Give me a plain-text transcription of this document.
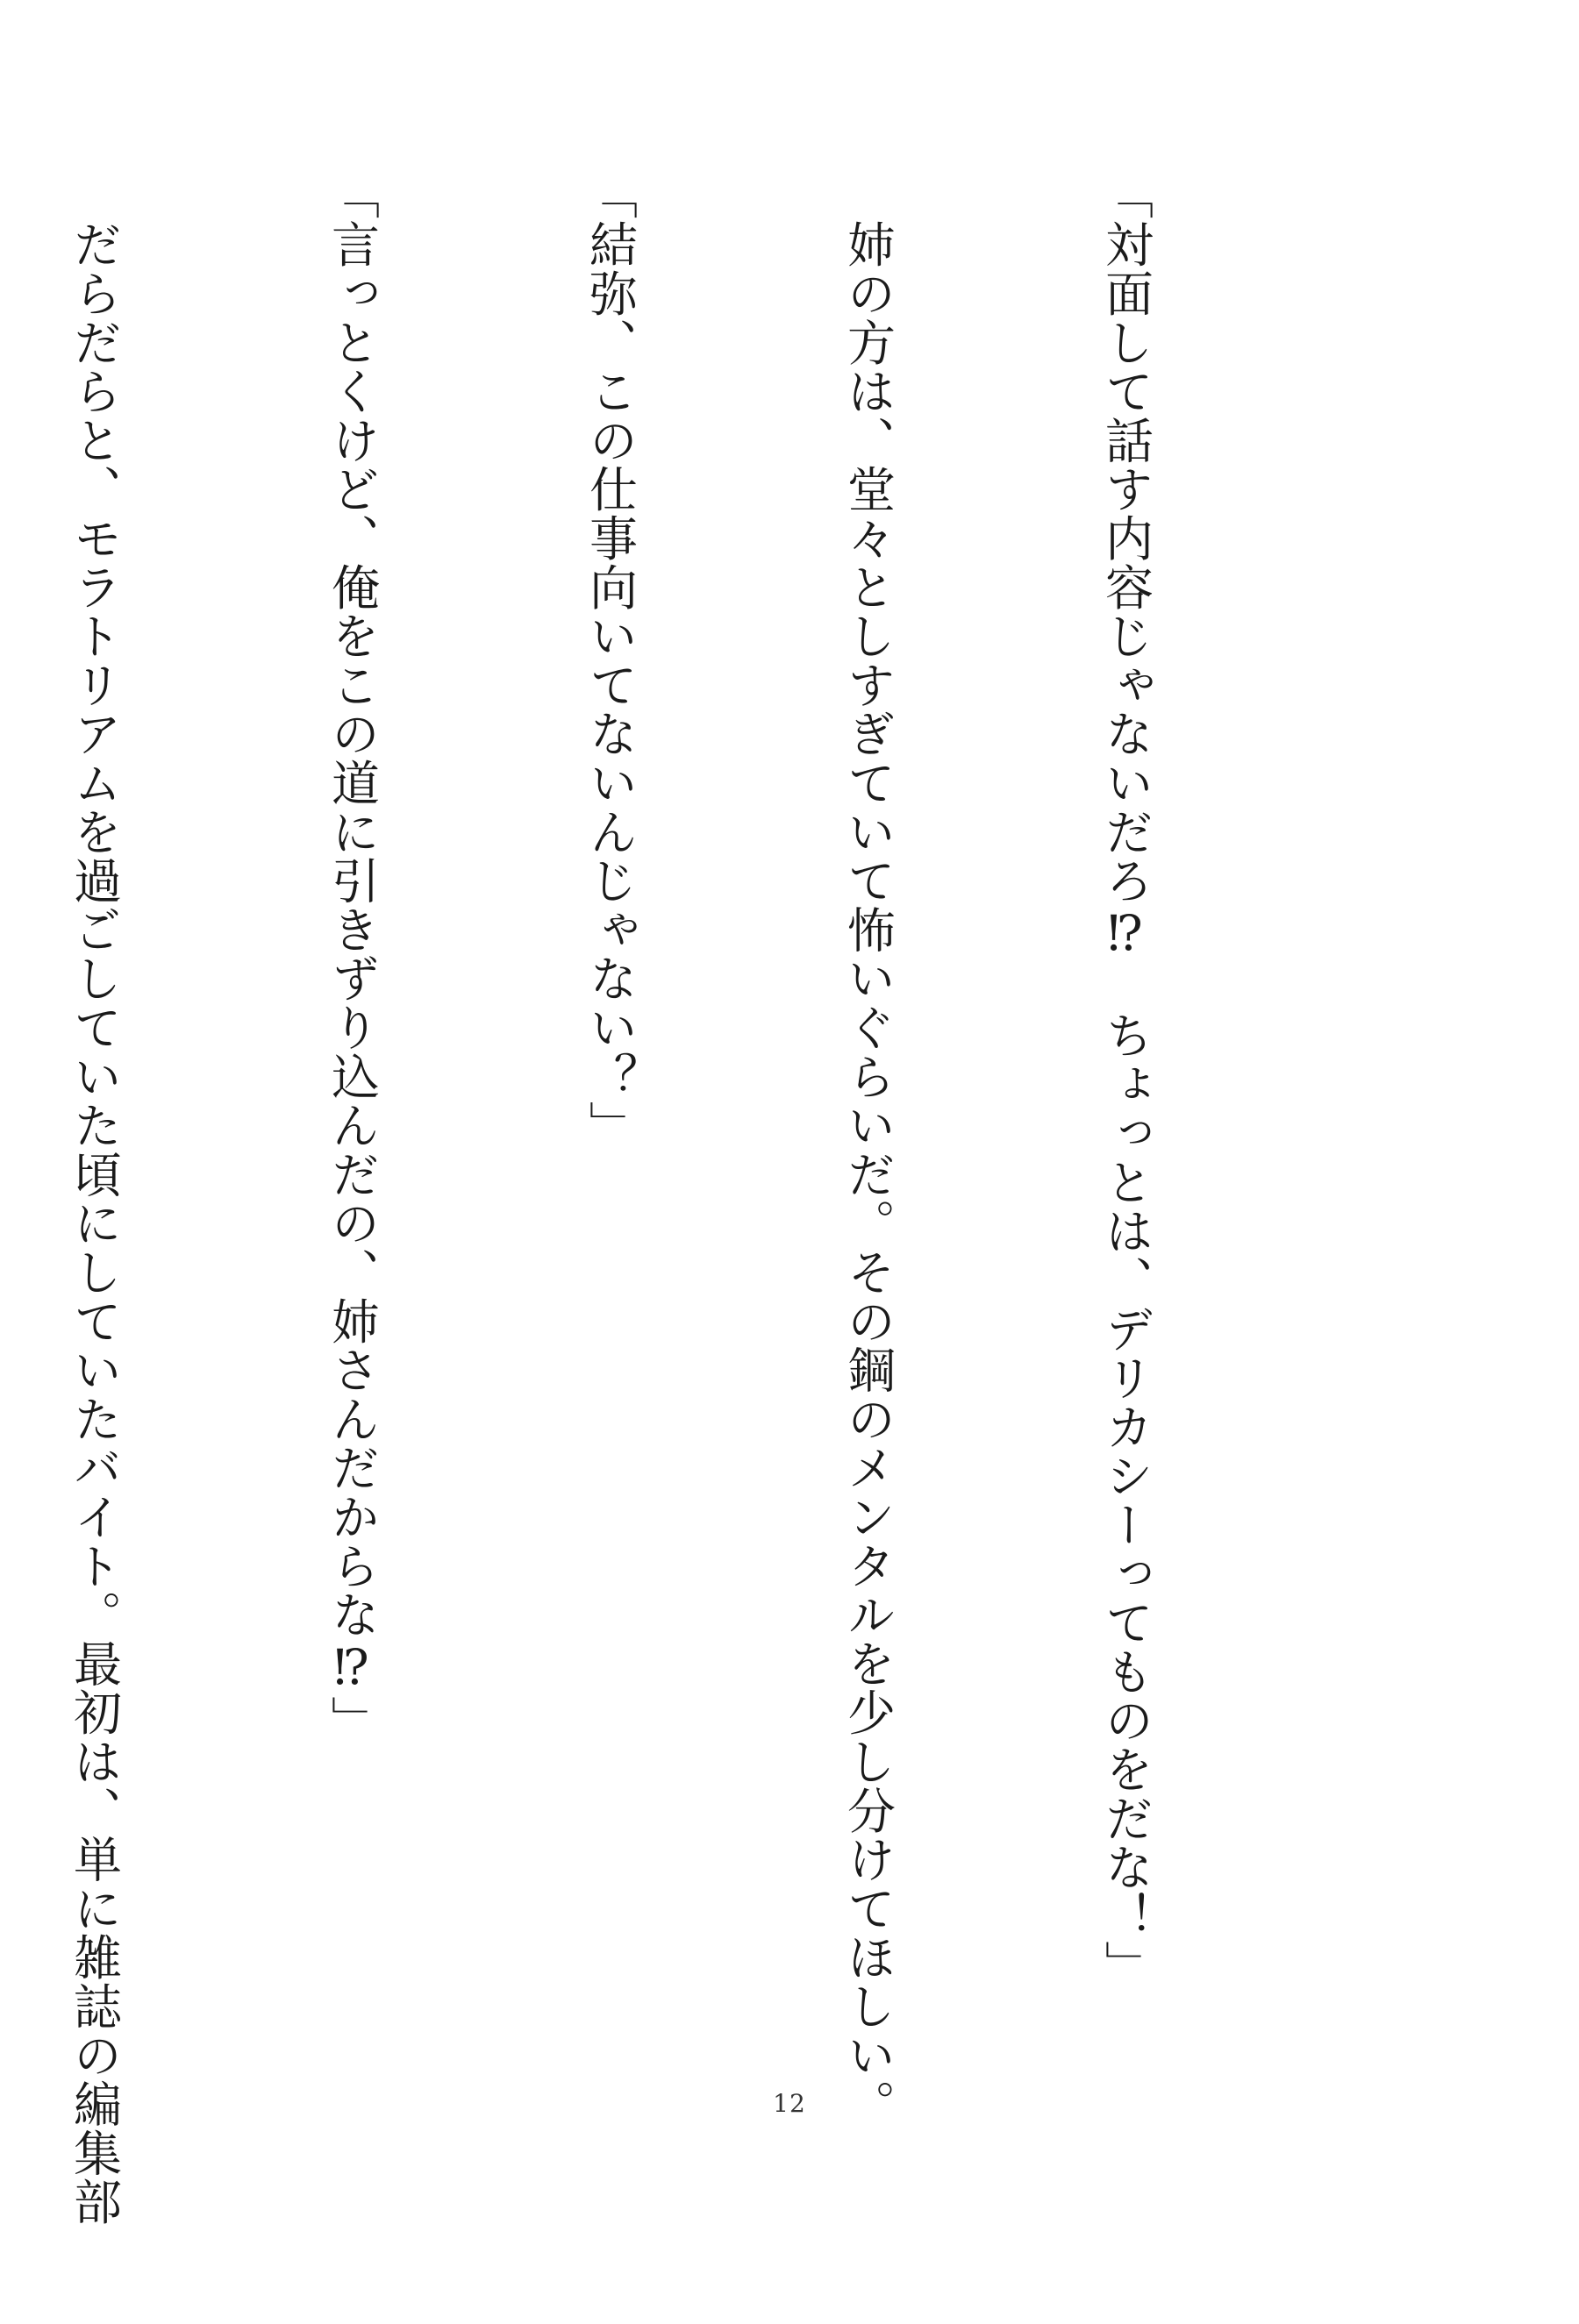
「対面して話す内容じゃないだろ⁉　ちょっとは、デリカシーってものをだな！」

　姉の方は、堂々としすぎていて怖いぐらいだ。その鋼のメンタルを少し分けてほしい。

「結弥、この仕事向いてないんじゃない？」

「言っとくけど、俺をこの道に引きずり込んだの、姉さんだからな⁉」

　だらだらと、モラトリアムを過ごしていた頃にしていたバイト。最初は、単に雑誌の編集部

	12
